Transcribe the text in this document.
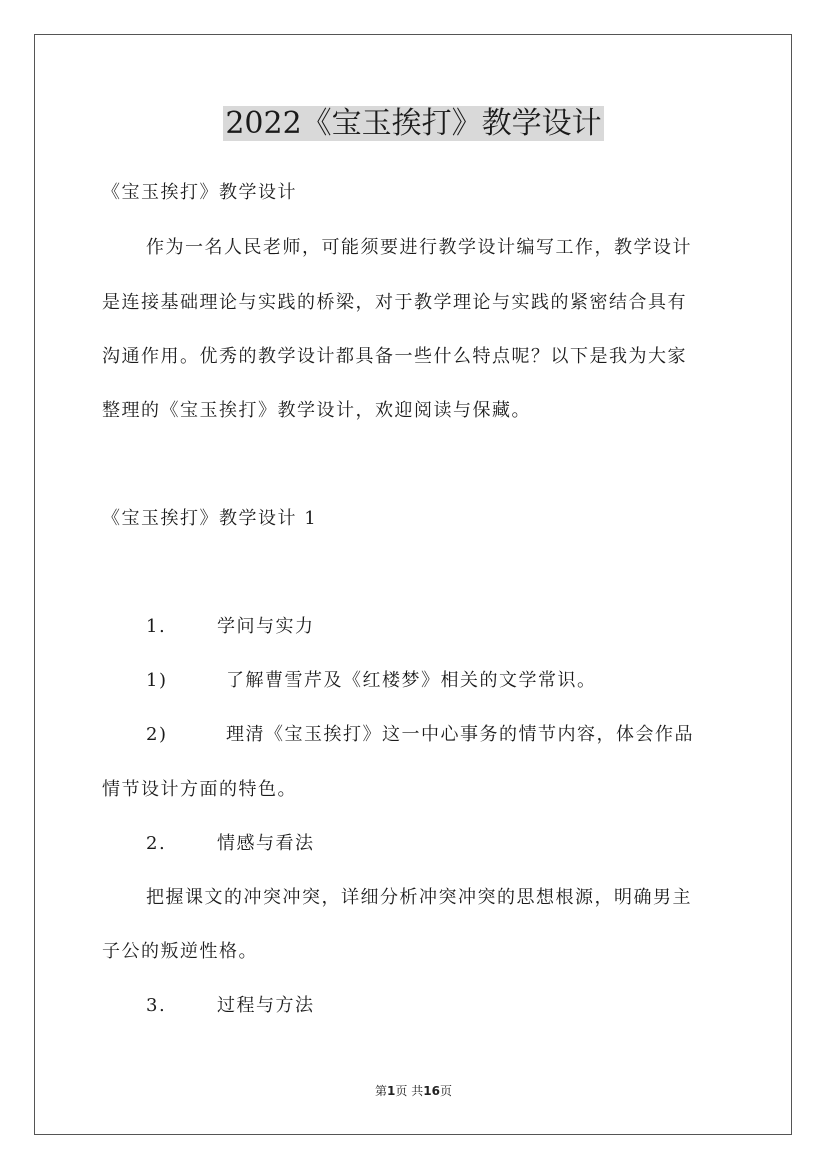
2022《宝玉挨打》教学设计
《宝玉挨打》教学设计
作为一名人民老师，可能须要进行教学设计编写工作，教学设计
是连接基础理论与实践的桥梁，对于教学理论与实践的紧密结合具有
沟通作用。优秀的教学设计都具备一些什么特点呢？以下是我为大家
整理的《宝玉挨打》教学设计，欢迎阅读与保藏。
《宝玉挨打》教学设计 1
1.	学问与实力
1)	了解曹雪芹及《红楼梦》相关的文学常识。
2)	理清《宝玉挨打》这一中心事务的情节内容，体会作品
情节设计方面的特色。
2.	情感与看法
把握课文的冲突冲突，详细分析冲突冲突的思想根源，明确男主
子公的叛逆性格。
3.	过程与方法
第1页 共16页
